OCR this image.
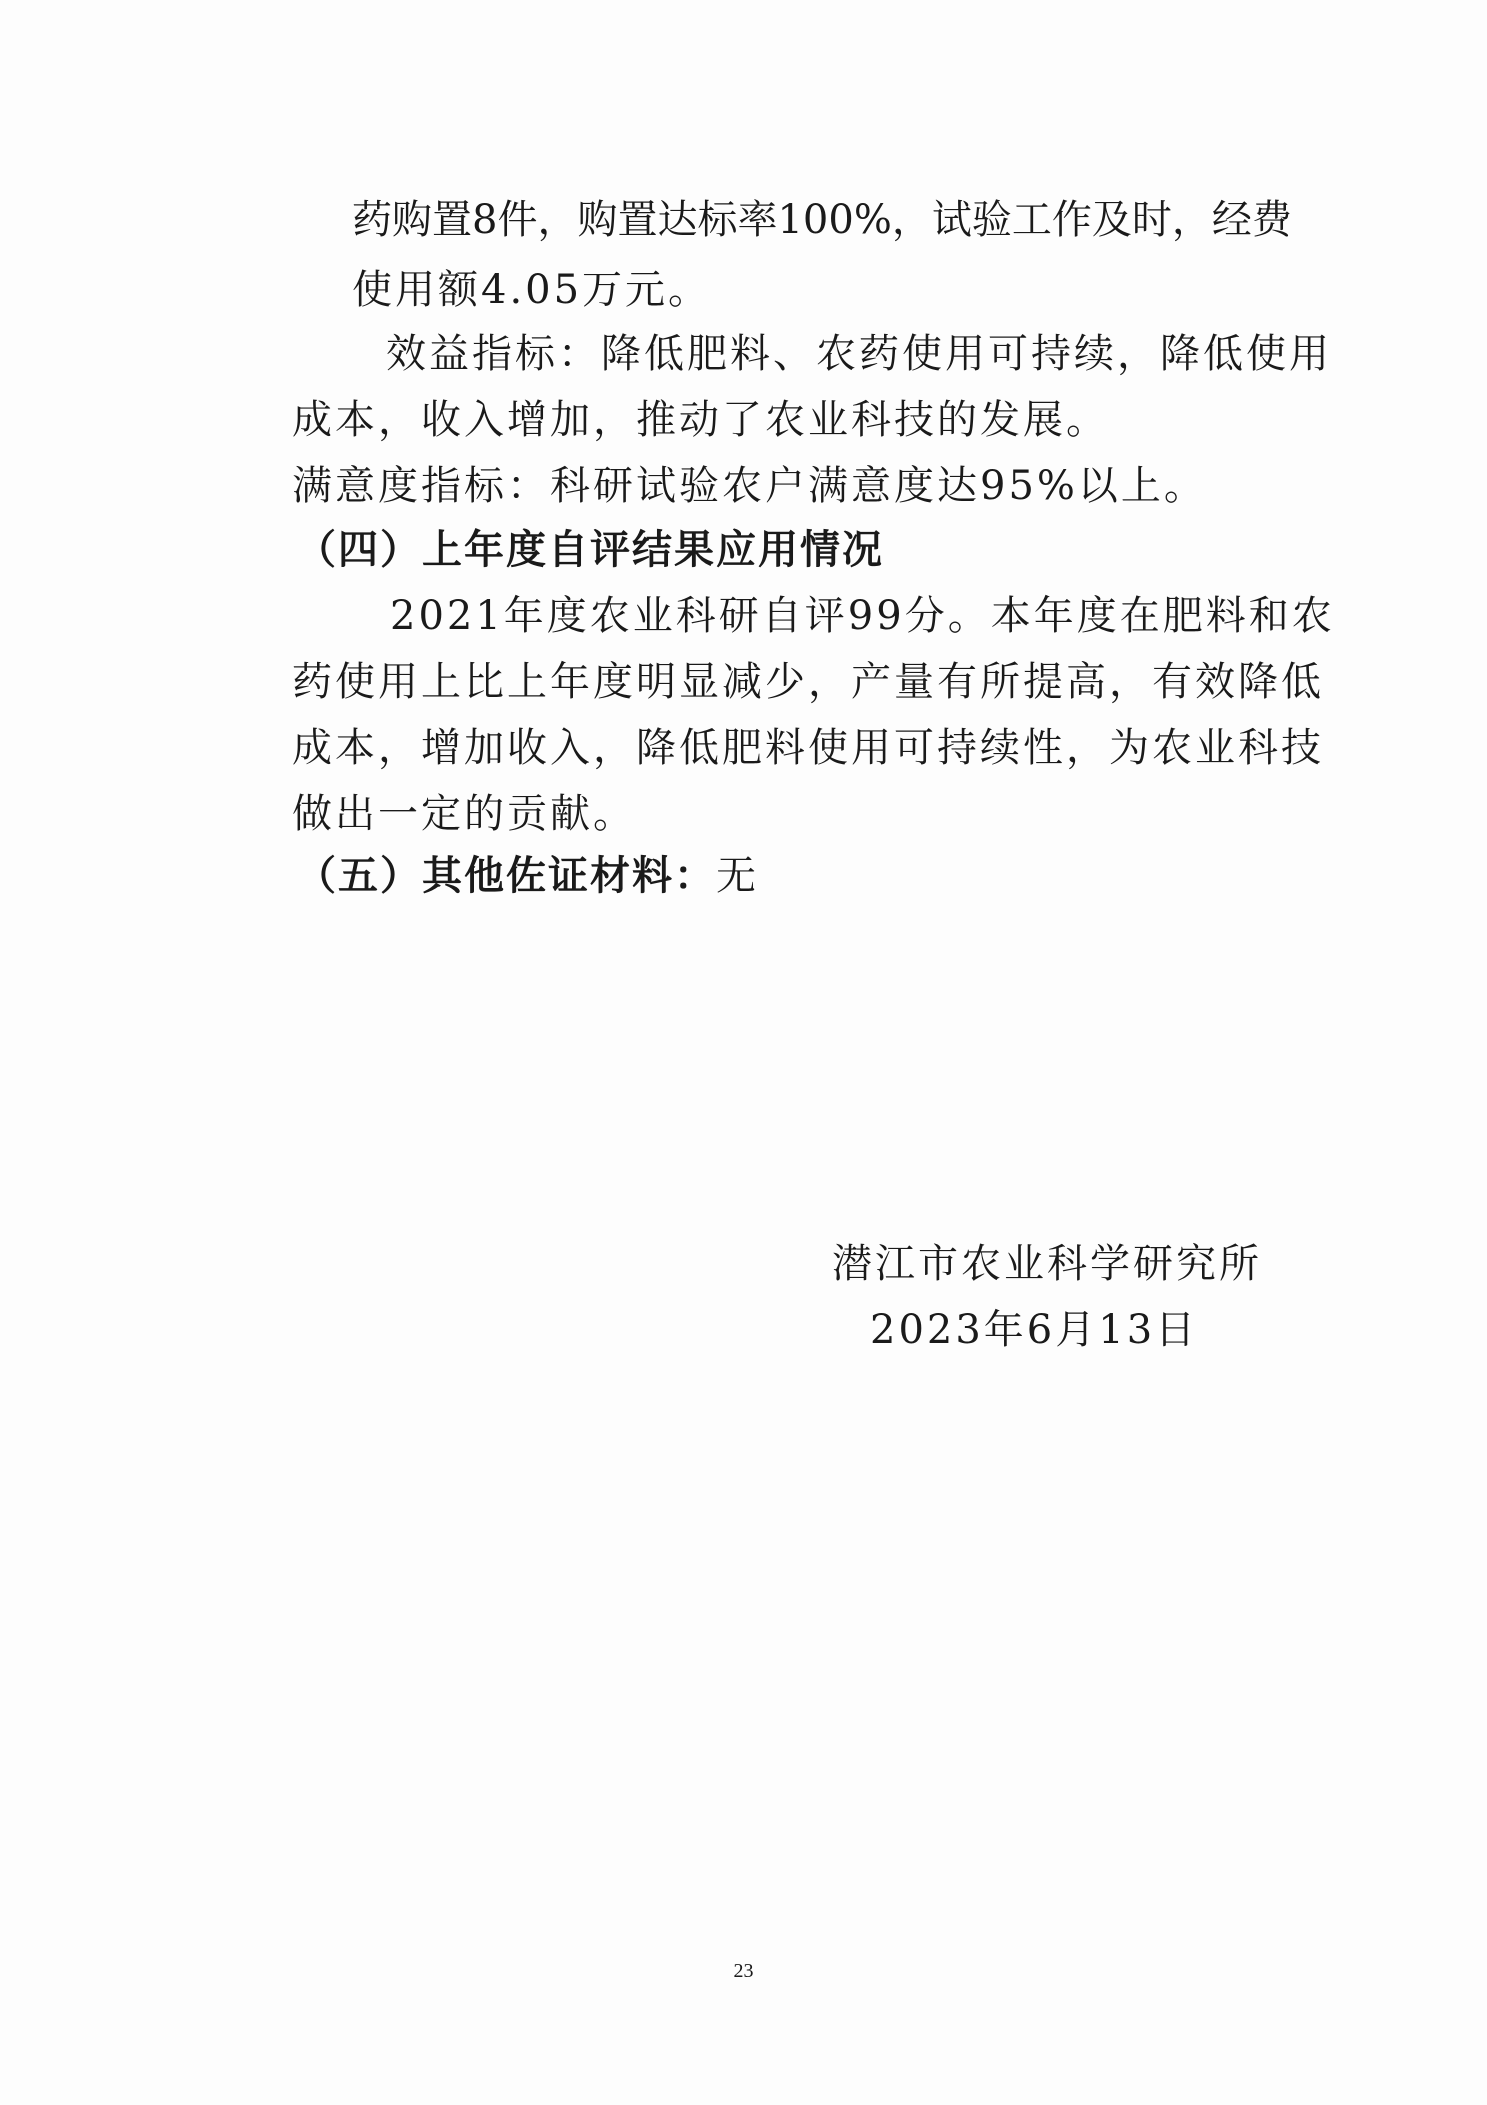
药 购 置 8 件 ， 购 置 达 标 率 1 0 0 % ， 试 验 工 作 及 时 ， 经 费
使用额4.05万元。
效益指标：降低肥料、农药使用可持续，降低使用
成本，收入增加，推动了农业科技的发展。
满意度指标：科研试验农户满意度达95%以上。
（四）上年度自评结果应用情况
2021年度农业科研自评99分。本年度在肥料和农
药使用上比上年度明显减少，产量有所提高，有效降低
成本，增加收入，降低肥料使用可持续性，为农业科技
做出一定的贡献。
（五）其他佐证材料：无
潜江市农业科学研究所
2023年6月13日
23
